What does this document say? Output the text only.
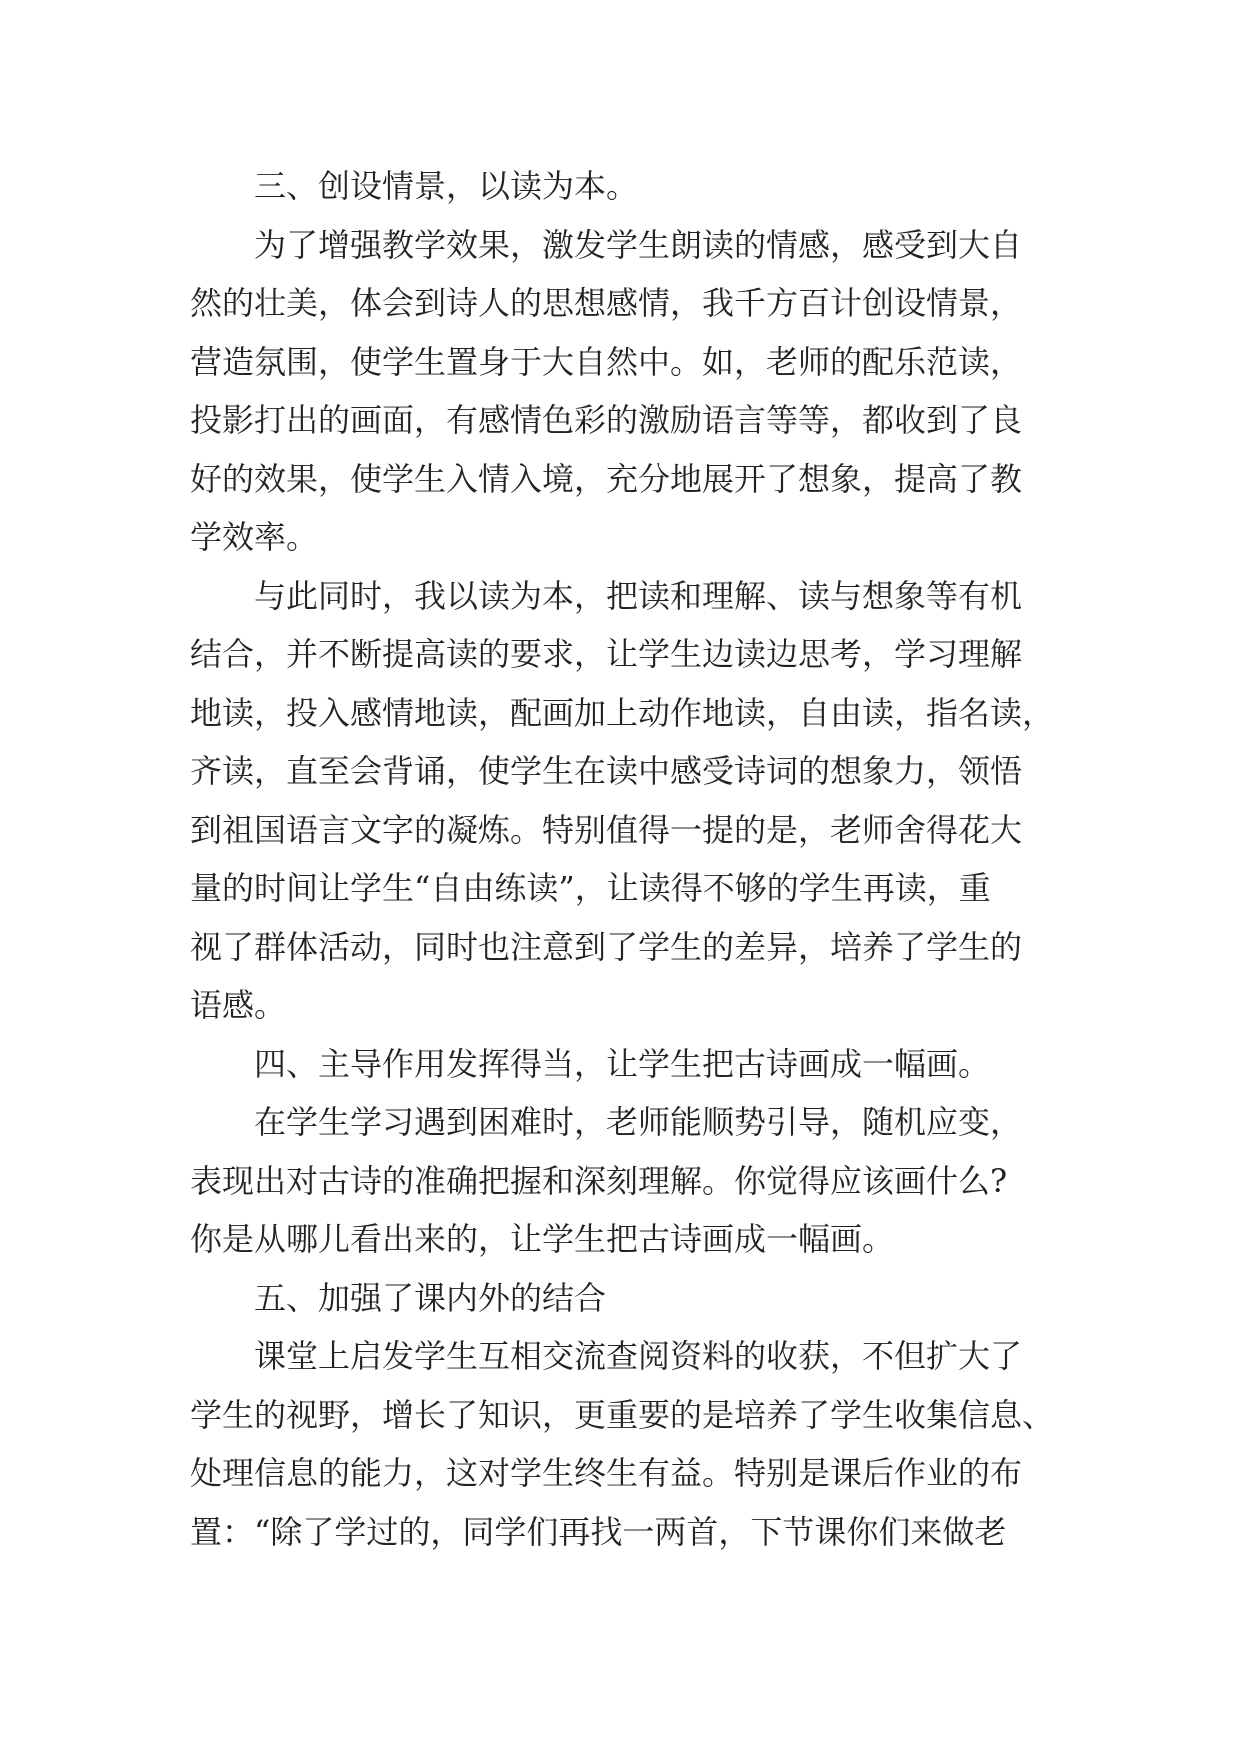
三、创设情景，以读为本。
为了增强教学效果，激发学生朗读的情感，感受到大自
然的壮美，体会到诗人的思想感情，我千方百计创设情景，
营造氛围，使学生置身于大自然中。如，老师的配乐范读，
投影打出的画面，有感情色彩的激励语言等等，都收到了良
好的效果，使学生入情入境，充分地展开了想象，提高了教
学效率。
与此同时，我以读为本，把读和理解、读与想象等有机
结合，并不断提高读的要求，让学生边读边思考，学习理解
地读，投入感情地读，配画加上动作地读，自由读，指名读，
齐读，直至会背诵，使学生在读中感受诗词的想象力，领悟
到祖国语言文字的凝炼。特别值得一提的是，老师舍得花大
量的时间让学生“自由练读”，让读得不够的学生再读，重
视了群体活动，同时也注意到了学生的差异，培养了学生的
语感。
四、主导作用发挥得当，让学生把古诗画成一幅画。
在学生学习遇到困难时，老师能顺势引导，随机应变，
表现出对古诗的准确把握和深刻理解。你觉得应该画什么?
你是从哪儿看出来的，让学生把古诗画成一幅画。
五、加强了课内外的结合
课堂上启发学生互相交流查阅资料的收获，不但扩大了
学生的视野，增长了知识，更重要的是培养了学生收集信息、
处理信息的能力，这对学生终生有益。特别是课后作业的布
置：“除了学过的，同学们再找一两首，下节课你们来做老
